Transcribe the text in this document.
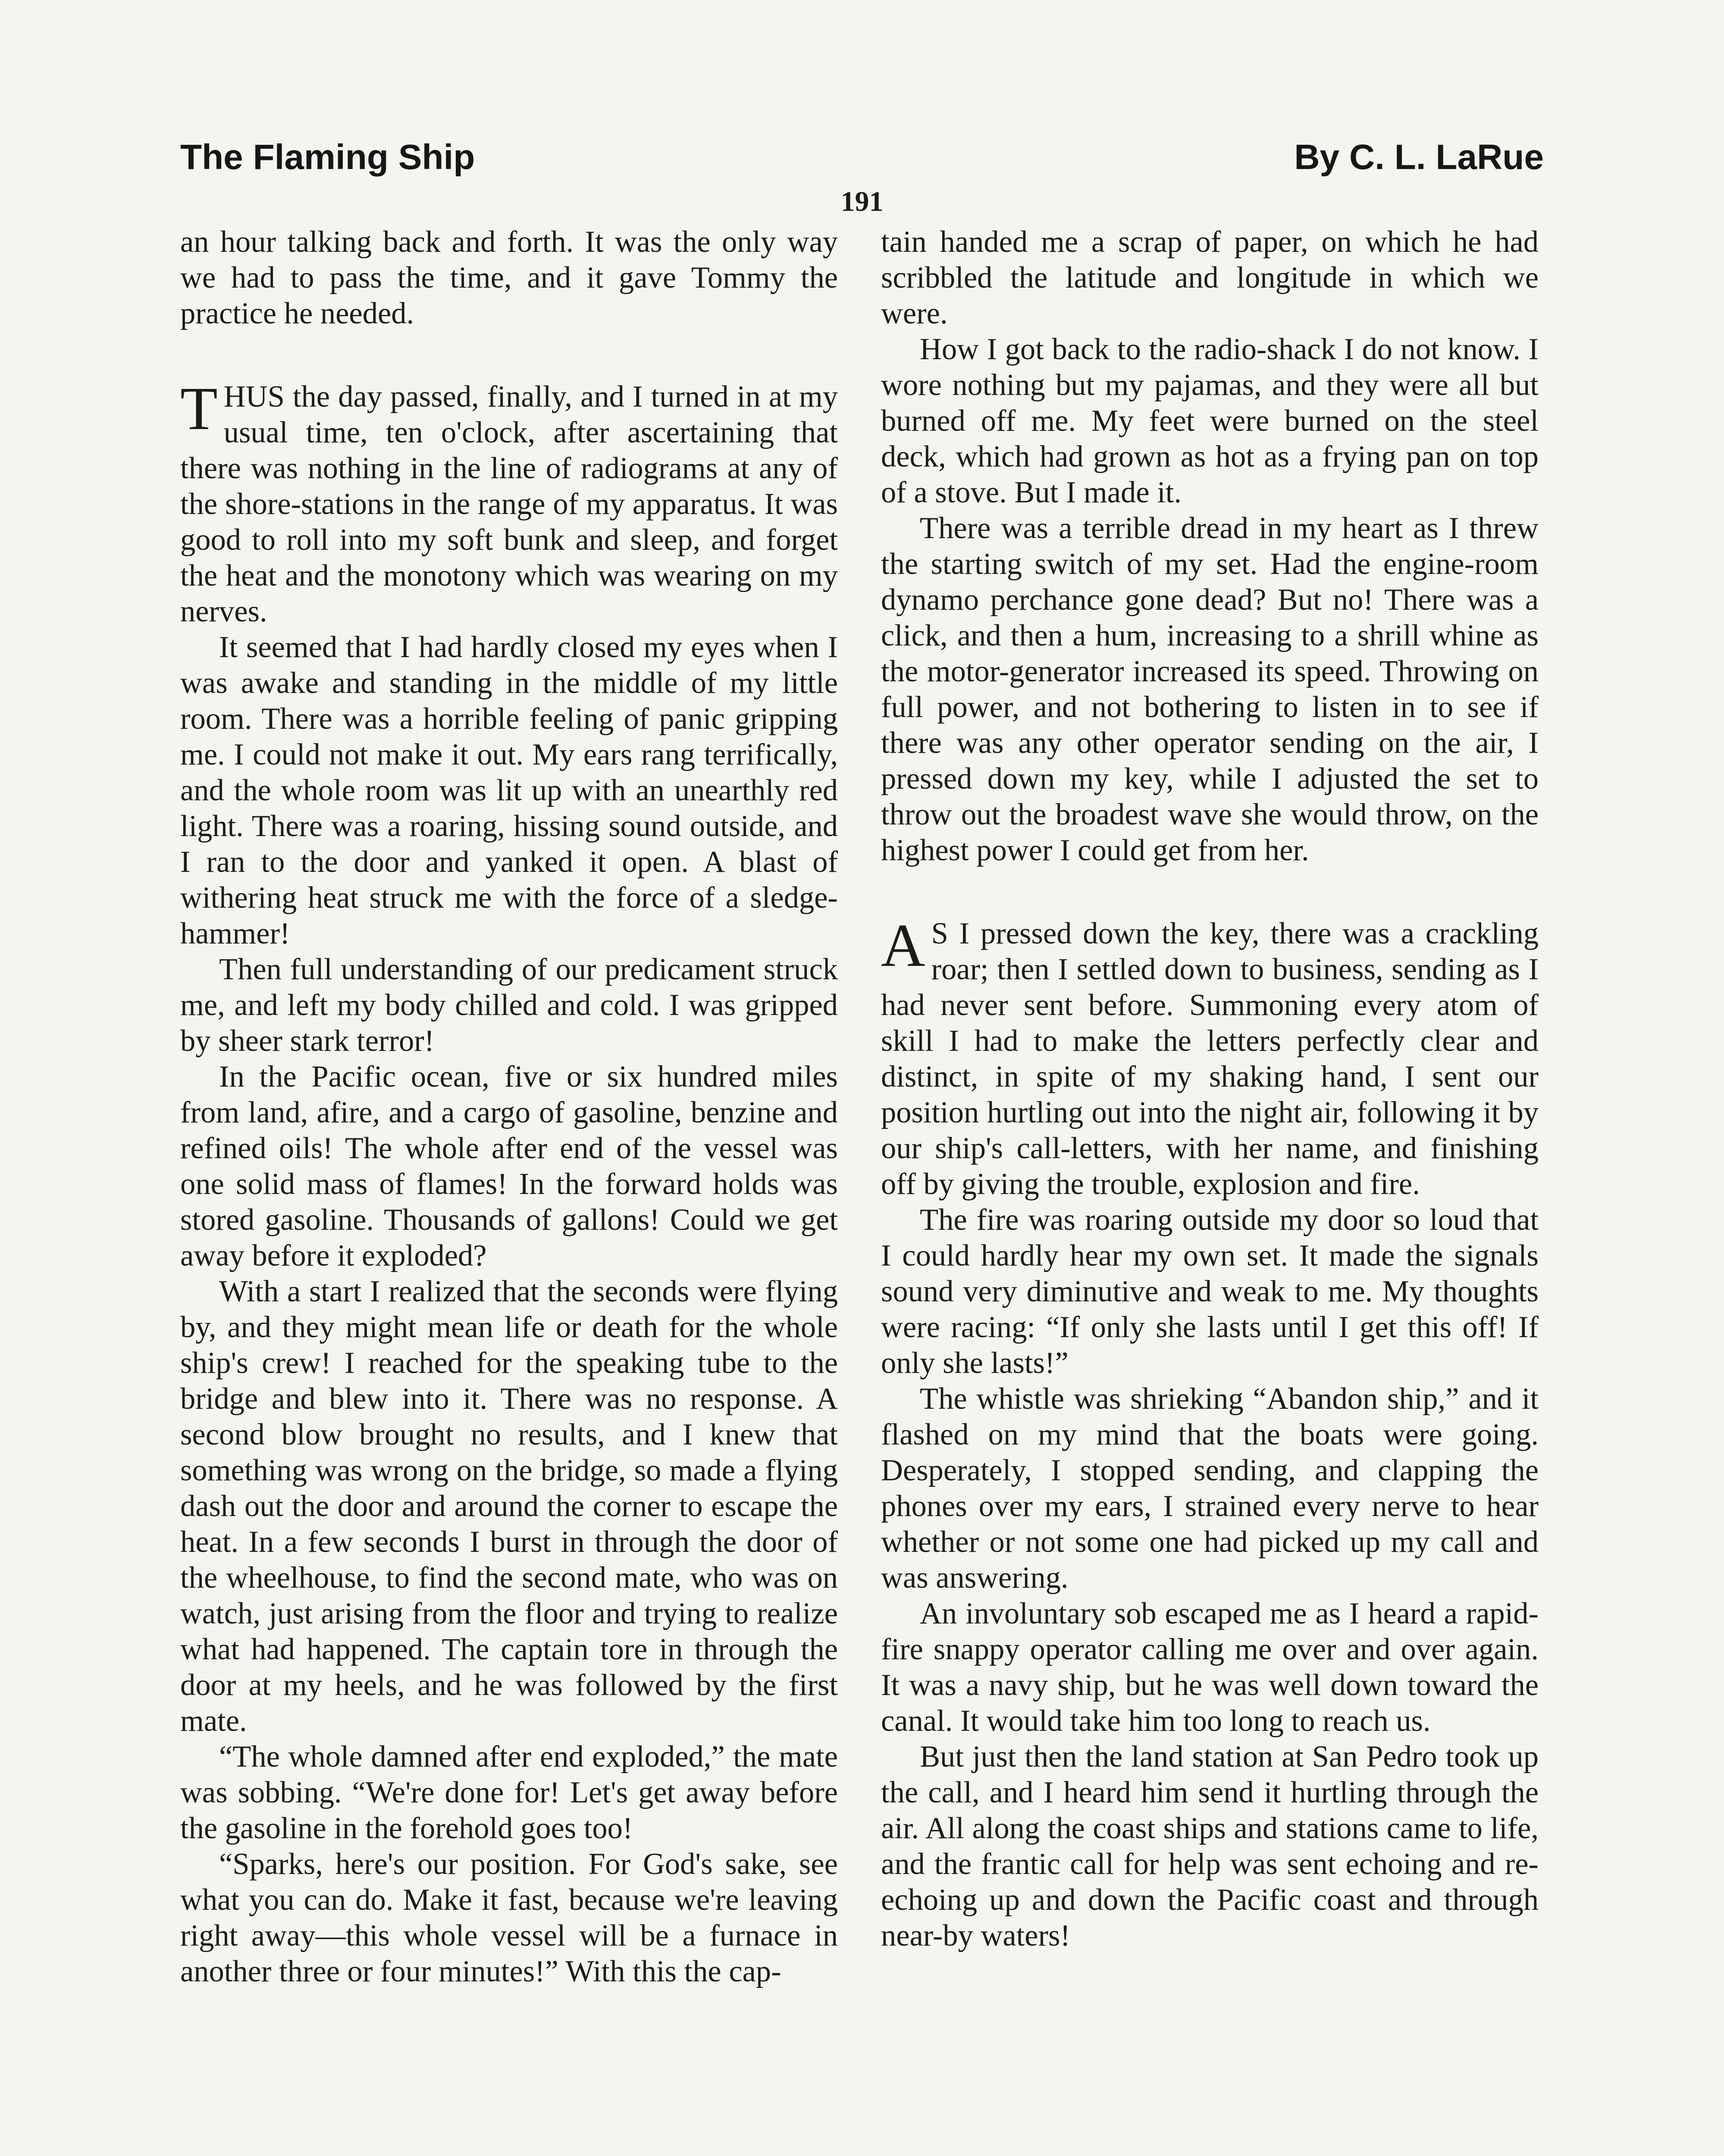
The Flaming Ship	By C. L. LaRue
191

an hour talking back and forth. It was the only way we had to pass the time, and it gave Tommy the practice he needed.

THUS the day passed, finally, and I turned in at my usual time, ten o'clock, after ascertaining that there was nothing in the line of radiograms at any of the shore-stations in the range of my apparatus. It was good to roll into my soft bunk and sleep, and forget the heat and the monotony which was wearing on my nerves.

It seemed that I had hardly closed my eyes when I was awake and standing in the middle of my little room. There was a horrible feeling of panic gripping me. I could not make it out. My ears rang terrifically, and the whole room was lit up with an unearthly red light. There was a roaring, hissing sound outside, and I ran to the door and yanked it open. A blast of withering heat struck me with the force of a sledge-hammer!

Then full understanding of our predicament struck me, and left my body chilled and cold. I was gripped by sheer stark terror!

In the Pacific ocean, five or six hundred miles from land, afire, and a cargo of gasoline, benzine and refined oils! The whole after end of the vessel was one solid mass of flames! In the forward holds was stored gasoline. Thousands of gallons! Could we get away before it exploded?

With a start I realized that the seconds were flying by, and they might mean life or death for the whole ship's crew! I reached for the speaking tube to the bridge and blew into it. There was no response. A second blow brought no results, and I knew that something was wrong on the bridge, so made a flying dash out the door and around the corner to escape the heat. In a few seconds I burst in through the door of the wheelhouse, to find the second mate, who was on watch, just arising from the floor and trying to realize what had happened. The captain tore in through the door at my heels, and he was followed by the first mate.

“The whole damned after end exploded,” the mate was sobbing. “We're done for! Let's get away before the gasoline in the forehold goes too!

“Sparks, here's our position. For God's sake, see what you can do. Make it fast, because we're leaving right away—this whole vessel will be a furnace in another three or four minutes!” With this the cap-

tain handed me a scrap of paper, on which he had scribbled the latitude and longitude in which we were.

How I got back to the radio-shack I do not know. I wore nothing but my pajamas, and they were all but burned off me. My feet were burned on the steel deck, which had grown as hot as a frying pan on top of a stove. But I made it.

There was a terrible dread in my heart as I threw the starting switch of my set. Had the engine-room dynamo perchance gone dead? But no! There was a click, and then a hum, increasing to a shrill whine as the motor-generator increased its speed. Throwing on full power, and not bothering to listen in to see if there was any other operator sending on the air, I pressed down my key, while I adjusted the set to throw out the broadest wave she would throw, on the highest power I could get from her.

A S I pressed down the key, there was a crackling roar; then I settled down to business, sending as I had never sent before. Summoning every atom of skill I had to make the letters perfectly clear and distinct, in spite of my shaking hand, I sent our position hurtling out into the night air, following it by our ship's call-letters, with her name, and finishing off by giving the trouble, explosion and fire.

The fire was roaring outside my door so loud that I could hardly hear my own set. It made the signals sound very diminutive and weak to me. My thoughts were racing: “If only she lasts until I get this off! If only she lasts!”

The whistle was shrieking “Abandon ship,” and it flashed on my mind that the boats were going. Desperately, I stopped sending, and clapping the phones over my ears, I strained every nerve to hear whether or not some one had picked up my call and was answering.

An involuntary sob escaped me as I heard a rapid-fire snappy operator calling me over and over again. It was a navy ship, but he was well down toward the canal. It would take him too long to reach us.

But just then the land station at San Pedro took up the call, and I heard him send it hurtling through the air. All along the coast ships and stations came to life, and the frantic call for help was sent echoing and re-echoing up and down the Pacific coast and through near-by waters!
